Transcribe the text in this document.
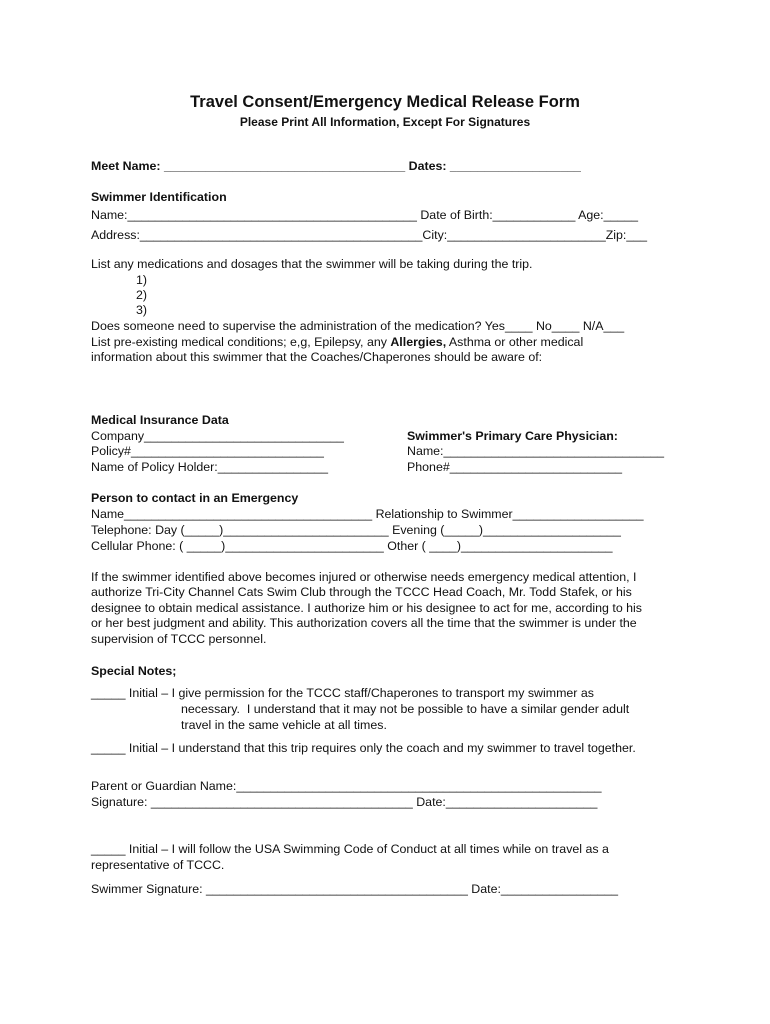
Travel Consent/Emergency Medical Release Form
Please Print All Information, Except For Signatures
Meet Name: ___________________________________ Dates: ___________________
Swimmer Identification
Name:__________________________________________ Date of Birth:____________ Age:_____
Address:_________________________________________City:_______________________Zip:___
List any medications and dosages that the swimmer will be taking during the trip.
1)
2)
3)
Does someone need to supervise the administration of the medication? Yes____ No____ N/A___
List pre-existing medical conditions; e,g, Epilepsy, any Allergies, Asthma or other medical
information about this swimmer that the Coaches/Chaperones should be aware of:
Medical Insurance Data
Company_____________________________
Policy#____________________________
Name of Policy Holder:________________
Swimmer's Primary Care Physician:
Name:________________________________
Phone#_________________________
Person to contact in an Emergency
Name____________________________________ Relationship to Swimmer___________________
Telephone: Day (_____)________________________ Evening (_____)____________________
Cellular Phone: ( _____)_______________________ Other ( ____)______________________
If the swimmer identified above becomes injured or otherwise needs emergency medical attention, I
authorize Tri-City Channel Cats Swim Club through the TCCC Head Coach, Mr. Todd Stafek, or his
designee to obtain medical assistance. I authorize him or his designee to act for me, according to his
or her best judgment and ability. This authorization covers all the time that the swimmer is under the
supervision of TCCC personnel.
Special Notes;
_____ Initial – I give permission for the TCCC staff/Chaperones to transport my swimmer as
necessary.  I understand that it may not be possible to have a similar gender adult
travel in the same vehicle at all times.
_____ Initial – I understand that this trip requires only the coach and my swimmer to travel together.
Parent or Guardian Name:_____________________________________________________
Signature: ______________________________________ Date:______________________
_____ Initial – I will follow the USA Swimming Code of Conduct at all times while on travel as a
representative of TCCC.
Swimmer Signature: ______________________________________ Date:_________________
